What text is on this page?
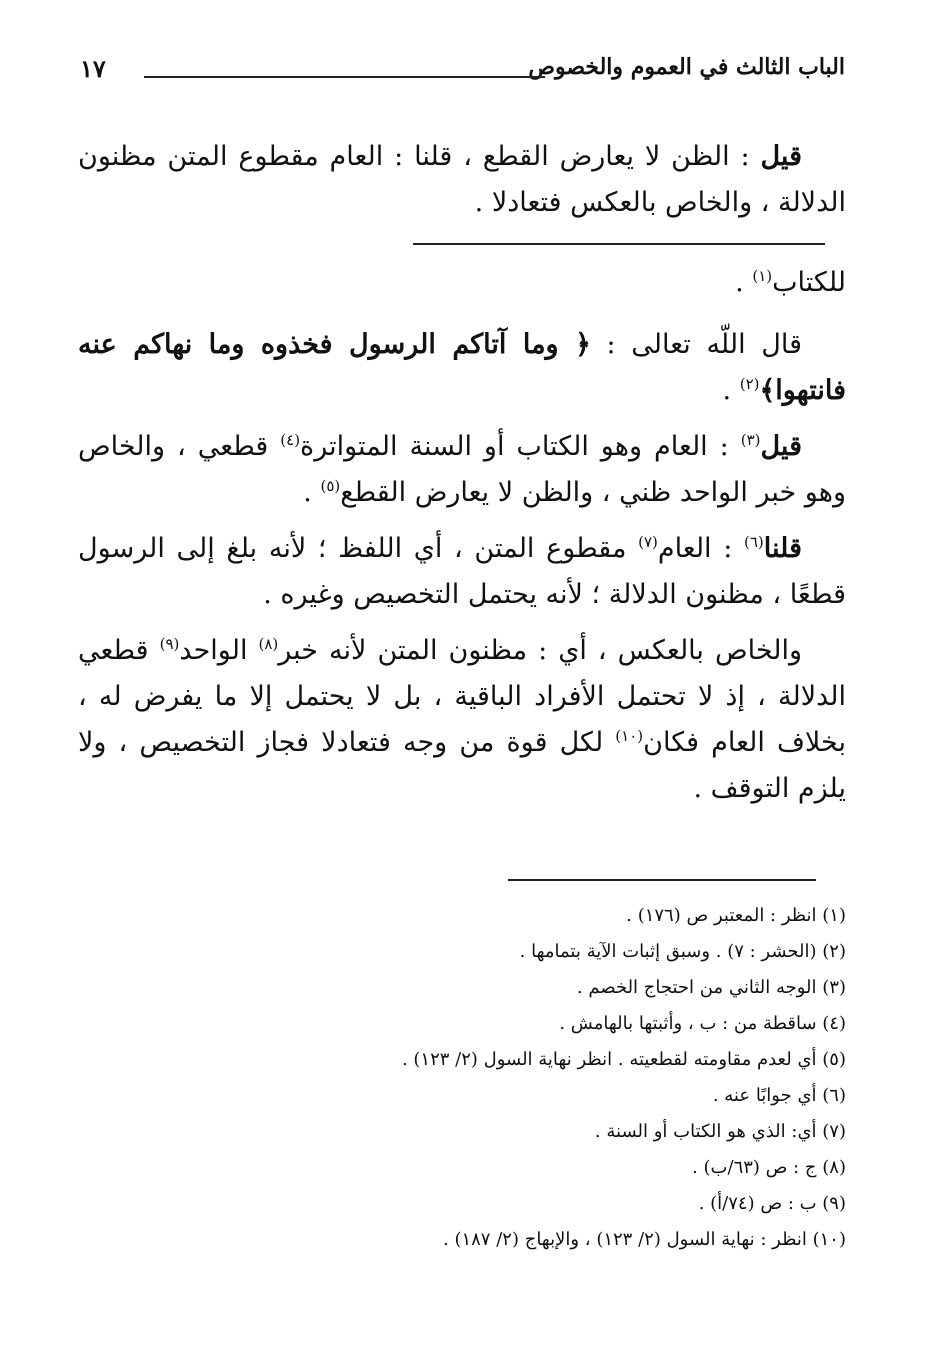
الباب الثالث في العموم والخصوص
١٧

قيل : الظن لا يعارض القطع ، قلنا : العام مقطوع المتن مظنون الدلالة ، والخاص بالعكس فتعادلا .

للكتاب$^{(١)}$ .

قال اللّه تعالى : ﴿ وما آتاكم الرسول فخذوه وما نهاكم عنه فانتهوا﴾$^{(٢)}$ .

قيل$^{(٣)}$ : العام وهو الكتاب أو السنة المتواترة$^{(٤)}$ قطعي ، والخاص وهو خبر الواحد ظني ، والظن لا يعارض القطع$^{(٥)}$ .

قلنا$^{(٦)}$ : العام$^{(٧)}$ مقطوع المتن ، أي اللفظ ؛ لأنه بلغ إلى الرسول قطعًا ، مظنون الدلالة ؛ لأنه يحتمل التخصيص وغيره .

والخاص بالعكس ، أي : مظنون المتن لأنه خبر$^{(٨)}$ الواحد$^{(٩)}$ قطعي الدلالة ، إذ لا تحتمل الأفراد الباقية ، بل لا يحتمل إلا ما يفرض له ، بخلاف العام فكان$^{(١٠)}$ لكل قوة من وجه فتعادلا فجاز التخصيص ، ولا يلزم التوقف .

(١) انظر : المعتبر ص (١٧٦) .
(٢) (الحشر : ٧) . وسبق إثبات الآية بتمامها .
(٣) الوجه الثاني من احتجاج الخصم .
(٤) ساقطة من : ب ، وأثبتها بالهامش .
(٥) أي لعدم مقاومته لقطعيته . انظر نهاية السول (٢/ ١٢٣) .
(٦) أي جوابًا عنه .
(٧) أي: الذي هو الكتاب أو السنة .
(٨) ج : ص (٦٣/ب) .
(٩) ب : ص (٧٤/أ) .
(١٠) انظر : نهاية السول (٢/ ١٢٣) ، والإبهاج (٢/ ١٨٧) .
